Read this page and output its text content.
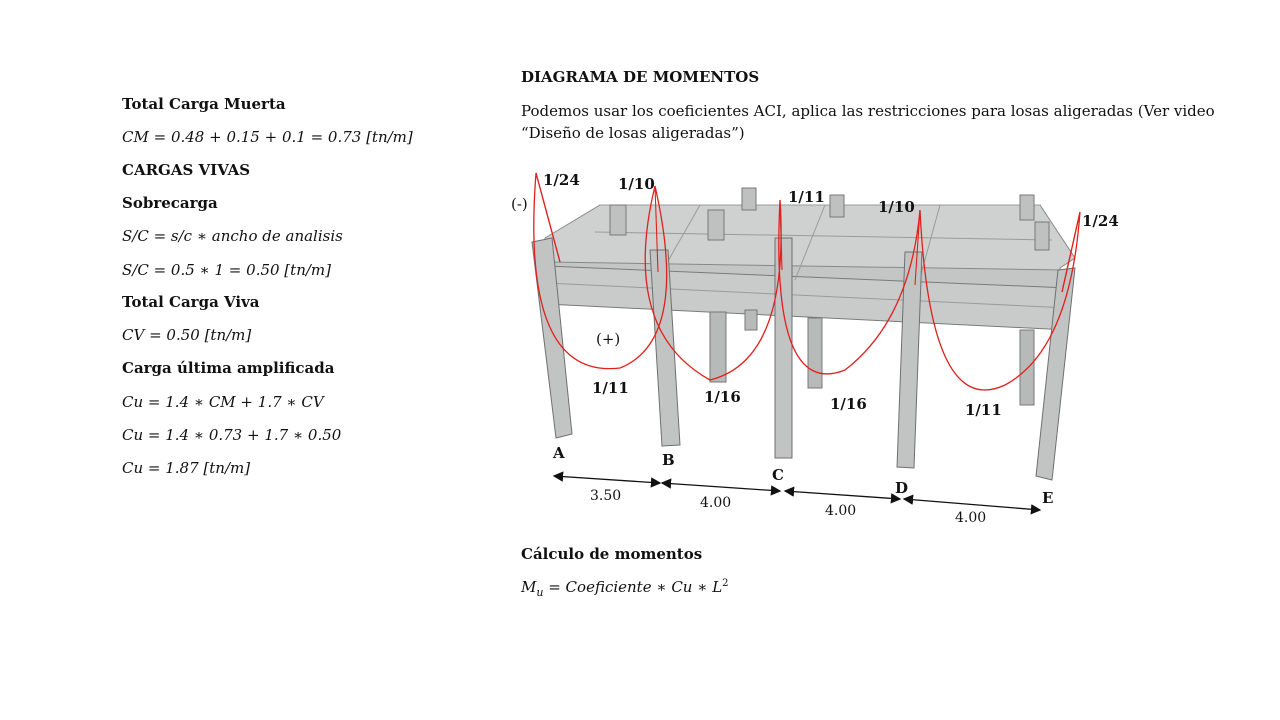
Total Carga Muerta
CM = 0.48 + 0.15 + 0.1 = 0.73 [tn/m]
CARGAS VIVAS
Sobrecarga
S/C = s/c ∗ ancho de analisis
S/C = 0.5 ∗ 1 = 0.50 [tn/m]
Total Carga Viva
CV = 0.50 [tn/m]
Carga última amplificada
Cu = 1.4 ∗ CM + 1.7 ∗ CV
Cu = 1.4 ∗ 0.73 + 1.7 ∗ 0.50
Cu = 1.87 [tn/m]
DIAGRAMA DE MOMENTOS
Podemos usar los coeficientes ACI, aplica las restricciones para losas aligeradas (Ver video
“Diseño de losas aligeradas”)
1/24	1/10
1/11
1/10
1/24
1/11	1/16	1/16	1/11
(-)
(+)
A	B
C
D
E
3.50	4.00	4.00	4.00
Cálculo de momentos
$M_u$ = Coeficiente ∗ Cu ∗ $L^2$
